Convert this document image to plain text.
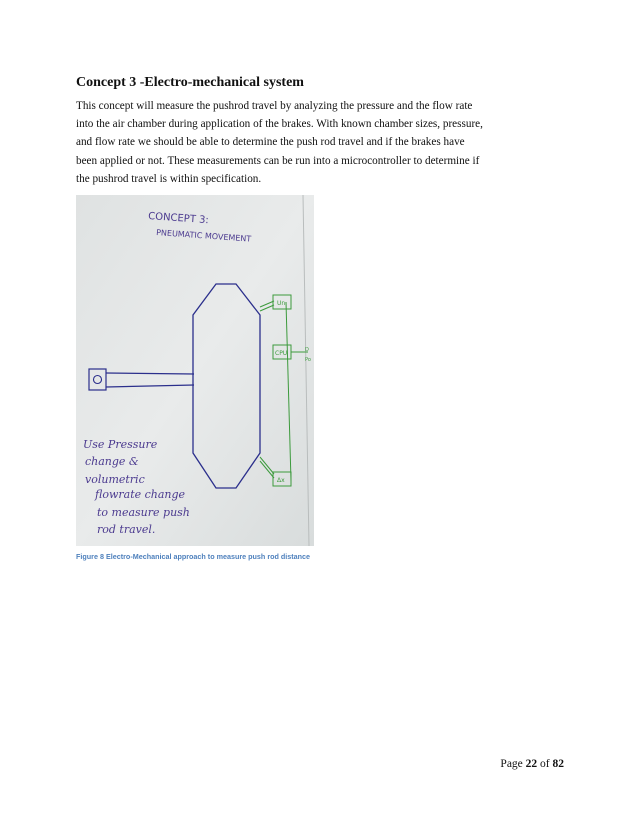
Concept 3 -Electro-mechanical system
This concept will measure the pushrod travel by analyzing the pressure and the flow rate
into the air chamber during application of the brakes. With known chamber sizes, pressure,
and flow rate we should be able to determine the push rod travel and if the brakes have
been applied or not. These measurements can be run into a microcontroller to determine if
the pushrod travel is within specification.
CONCEPT 3:
PNEUMATIC MOVEMENT
Un
CPU	D
Po
Δx
Use Pressure
change &
volumetric
flowrate change
to measure push
rod travel.
Figure 8 Electro-Mechanical approach to measure push rod distance
Page 22 of 82
